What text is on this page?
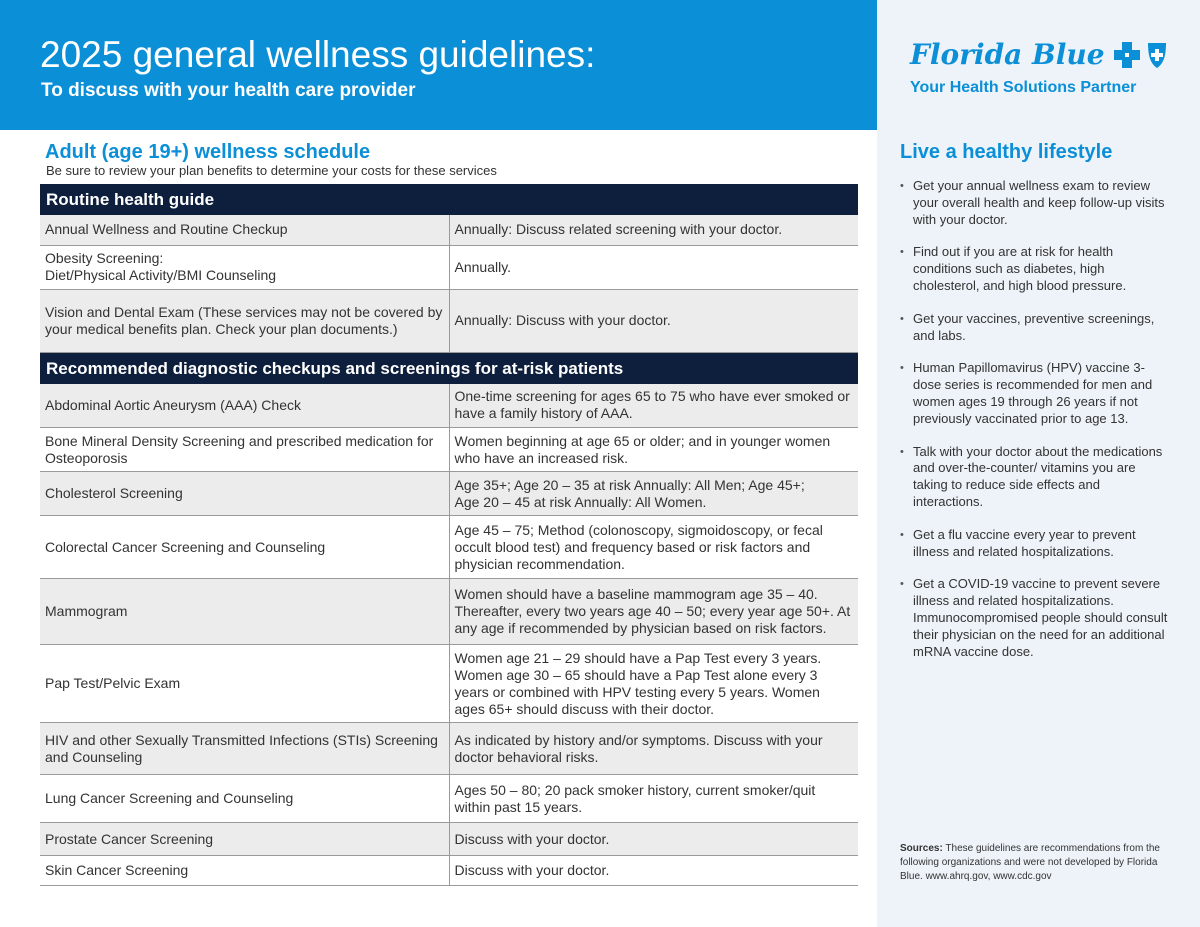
2025 general wellness guidelines:
To discuss with your health care provider
Florida Blue
Your Health Solutions Partner
Live a healthy lifestyle
• Get your annual wellness exam to review your overall health and keep follow-up visits with your doctor.
• Find out if you are at risk for health conditions such as diabetes, high cholesterol, and high blood pressure.
• Get your vaccines, preventive screenings, and labs.
• Human Papillomavirus (HPV) vaccine 3-dose series is recommended for men and women ages 19 through 26 years if not previously vaccinated prior to age 13.
• Talk with your doctor about the medications and over-the-counter/ vitamins you are taking to reduce side effects and interactions.
• Get a flu vaccine every year to prevent illness and related hospitalizations.
• Get a COVID-19 vaccine to prevent severe illness and related hospitalizations. Immunocompromised people should consult their physician on the need for an additional mRNA vaccine dose.
Sources: These guidelines are recommendations from the following organizations and were not developed by Florida Blue. www.ahrq.gov, www.cdc.gov
Adult (age 19+) wellness schedule
Be sure to review your plan benefits to determine your costs for these services
Routine health guide	
Annual Wellness and Routine Checkup	Annually: Discuss related screening with your doctor.
Obesity Screening:
Diet/Physical Activity/BMI Counseling	Annually.
Vision and Dental Exam (These services may not be covered by your medical benefits plan. Check your plan documents.)	Annually: Discuss with your doctor.
Recommended diagnostic checkups and screenings for at-risk patients	
Abdominal Aortic Aneurysm (AAA) Check	One-time screening for ages 65 to 75 who have ever smoked or have a family history of AAA.
Bone Mineral Density Screening and prescribed medication for Osteoporosis	Women beginning at age 65 or older; and in younger women who have an increased risk.
Cholesterol Screening	Age 35+; Age 20 – 35 at risk Annually: All Men; Age 45+;
Age 20 – 45 at risk Annually: All Women.
Colorectal Cancer Screening and Counseling	Age 45 – 75; Method (colonoscopy, sigmoidoscopy, or fecal occult blood test) and frequency based or risk factors and physician recommendation.
Mammogram	Women should have a baseline mammogram age 35 – 40. Thereafter, every two years age 40 – 50; every year age 50+. At any age if recommended by physician based on risk factors.
Pap Test/Pelvic Exam	Women age 21 – 29 should have a Pap Test every 3 years. Women age 30 – 65 should have a Pap Test alone every 3 years or combined with HPV testing every 5 years. Women ages 65+ should discuss with their doctor.
HIV and other Sexually Transmitted Infections (STIs) Screening and Counseling	As indicated by history and/or symptoms. Discuss with your doctor behavioral risks.
Lung Cancer Screening and Counseling	Ages 50 – 80; 20 pack smoker history, current smoker/quit within past 15 years.
Prostate Cancer Screening	Discuss with your doctor.
Skin Cancer Screening	Discuss with your doctor.
